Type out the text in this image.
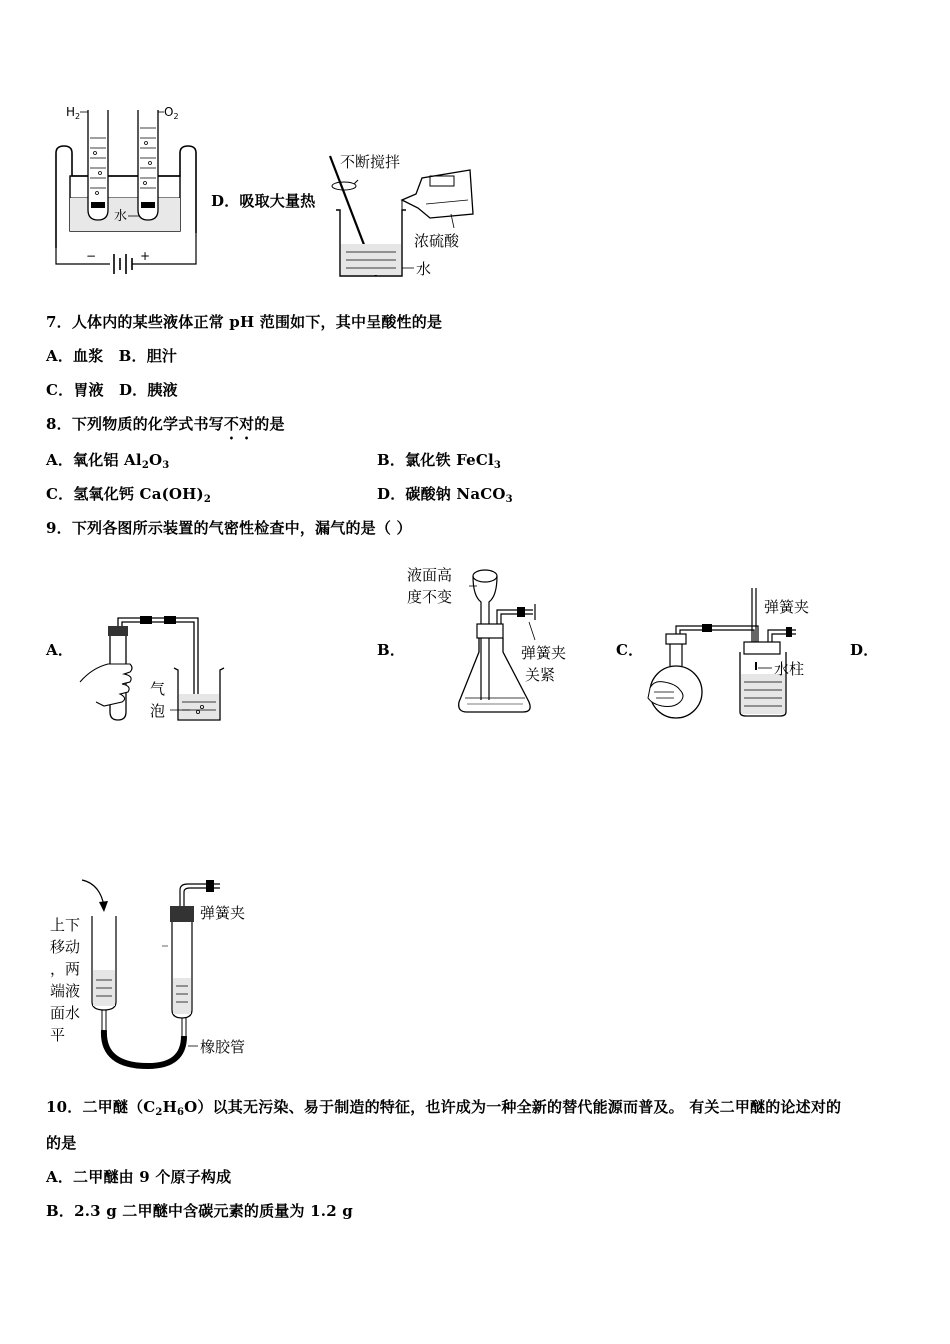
水
$H_2$	$O_2$
−	+
D．吸取大量热
不断搅拌
浓硫酸
水
7．人体内的某些液体正常 pH 范围如下，其中呈酸性的是
A．血浆　B．胆汁
C．胃液　D．胰液
8．下列物质的化学式书写不对的是
A．氧化铝 $Al_2O_3$	B．氯化铁 FeCl$_3$
C．氢氧化钙 $Ca(OH)_2$	D．碳酸钠 NaCO$_3$
9．下列各图所示装置的气密性检查中，漏气的是（ ）
A．	B．	C．	D．
气
泡
液面高
度不变
弹簧夹
关紧
弹簧夹
水柱
上下
移动
，两
端液
面水
平
弹簧夹
橡胶管
10．二甲醚$(C_2H_6O)$以其无污染、易于制造的特征，也许成为一种全新的替代能源而普及。 有关二甲醚的论述对的
的是
A．二甲醚由 9 个原子构成
B．2.3 g 二甲醚中含碳元素的质量为 1.2 g
